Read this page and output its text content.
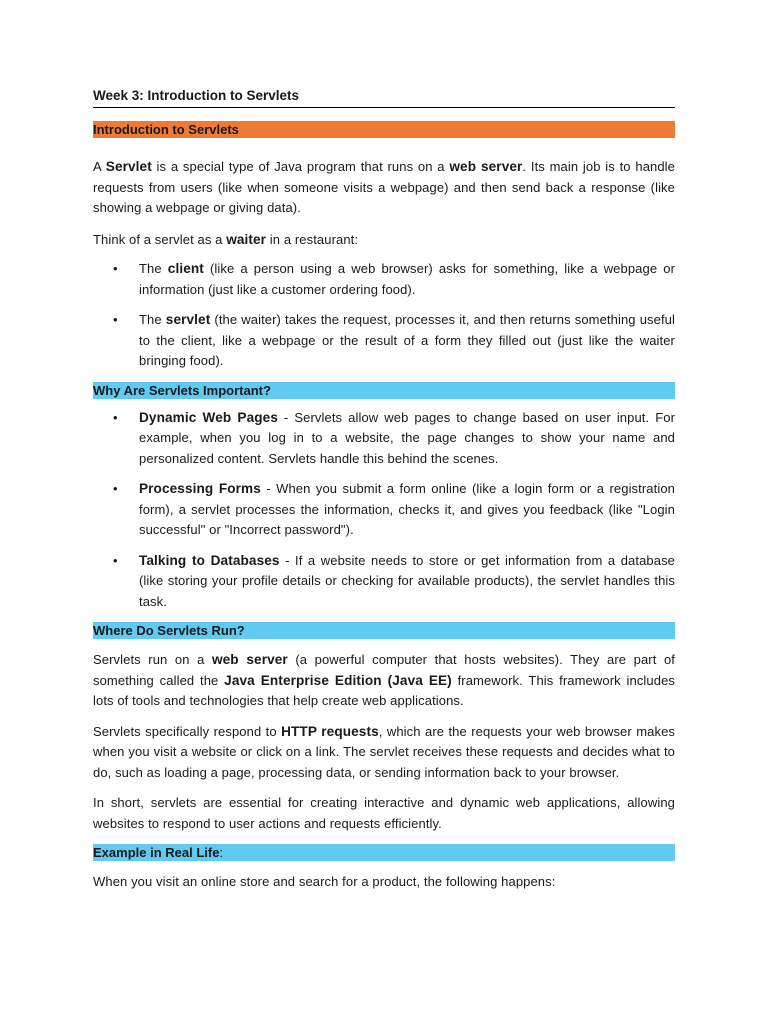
Week 3: Introduction to Servlets
Introduction to Servlets

A Servlet is a special type of Java program that runs on a web server. Its main job is to handle requests from users (like when someone visits a webpage) and then send back a response (like showing a webpage or giving data).

Think of a servlet as a waiter in a restaurant:

• The client (like a person using a web browser) asks for something, like a webpage or information (just like a customer ordering food).

• The servlet (the waiter) takes the request, processes it, and then returns something useful to the client, like a webpage or the result of a form they filled out (just like the waiter bringing food).

Why Are Servlets Important?
• Dynamic Web Pages - Servlets allow web pages to change based on user input. For example, when you log in to a website, the page changes to show your name and personalized content. Servlets handle this behind the scenes.

• Processing Forms - When you submit a form online (like a login form or a registration form), a servlet processes the information, checks it, and gives you feedback (like "Login successful" or "Incorrect password").

• Talking to Databases - If a website needs to store or get information from a database (like storing your profile details or checking for available products), the servlet handles this task.

Where Do Servlets Run?

Servlets run on a web server (a powerful computer that hosts websites). They are part of something called the Java Enterprise Edition (Java EE) framework. This framework includes lots of tools and technologies that help create web applications.

Servlets specifically respond to HTTP requests, which are the requests your web browser makes when you visit a website or click on a link. The servlet receives these requests and decides what to do, such as loading a page, processing data, or sending information back to your browser.

In short, servlets are essential for creating interactive and dynamic web applications, allowing websites to respond to user actions and requests efficiently.

Example in Real Life:

When you visit an online store and search for a product, the following happens:
